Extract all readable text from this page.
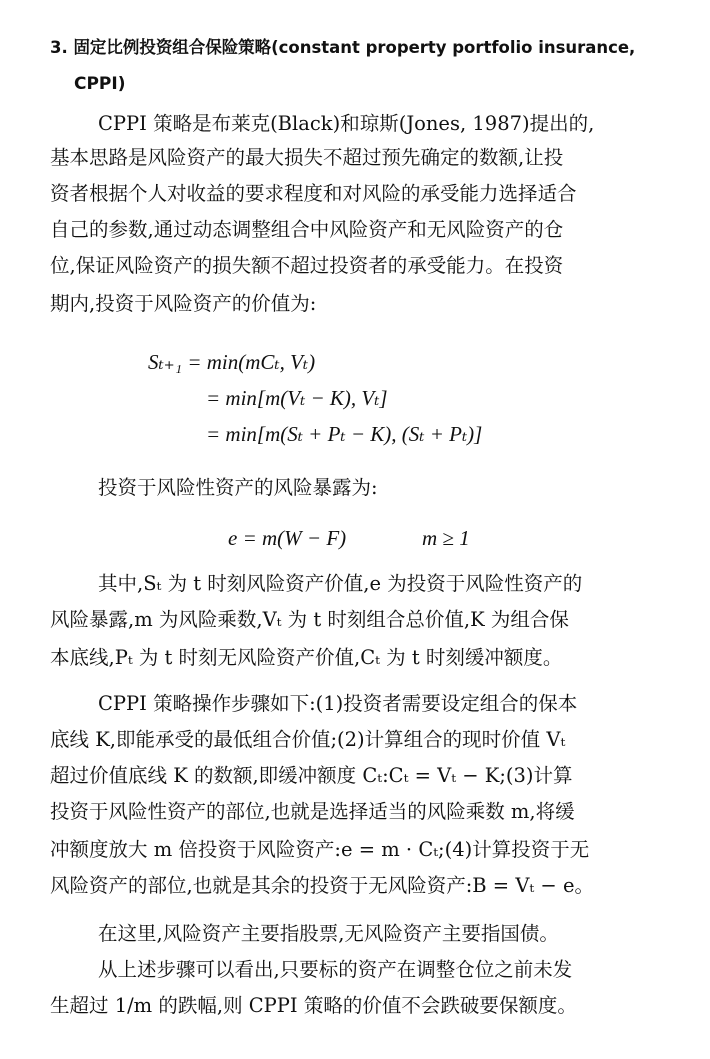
3. 固定比例投资组合保险策略(constant property portfolio insurance,
CPPI)
CPPI 策略是布莱克(Black)和琼斯(Jones, 1987)提出的,
基本思路是风险资产的最大损失不超过预先确定的数额,让投
资者根据个人对收益的要求程度和对风险的承受能力选择适合
自己的参数,通过动态调整组合中风险资产和无风险资产的仓
位,保证风险资产的损失额不超过投资者的承受能力。在投资
期内,投资于风险资产的价值为:
Sₜ₊₁ = min(mCₜ, Vₜ)
= min[m(Vₜ − K), Vₜ]
= min[m(Sₜ + Pₜ − K), (Sₜ + Pₜ)]
投资于风险性资产的风险暴露为:
e = m(W − F)	m ≥ 1
其中,Sₜ 为 t 时刻风险资产价值,e 为投资于风险性资产的
风险暴露,m 为风险乘数,Vₜ 为 t 时刻组合总价值,K 为组合保
本底线,Pₜ 为 t 时刻无风险资产价值,Cₜ 为 t 时刻缓冲额度。
CPPI 策略操作步骤如下:(1)投资者需要设定组合的保本
底线 K,即能承受的最低组合价值;(2)计算组合的现时价值 Vₜ
超过价值底线 K 的数额,即缓冲额度 Cₜ:Cₜ = Vₜ − K;(3)计算
投资于风险性资产的部位,也就是选择适当的风险乘数 m,将缓
冲额度放大 m 倍投资于风险资产:e = m · Cₜ;(4)计算投资于无
风险资产的部位,也就是其余的投资于无风险资产:B = Vₜ − e。
在这里,风险资产主要指股票,无风险资产主要指国债。
从上述步骤可以看出,只要标的资产在调整仓位之前未发
生超过 1/m 的跌幅,则 CPPI 策略的价值不会跌破要保额度。
